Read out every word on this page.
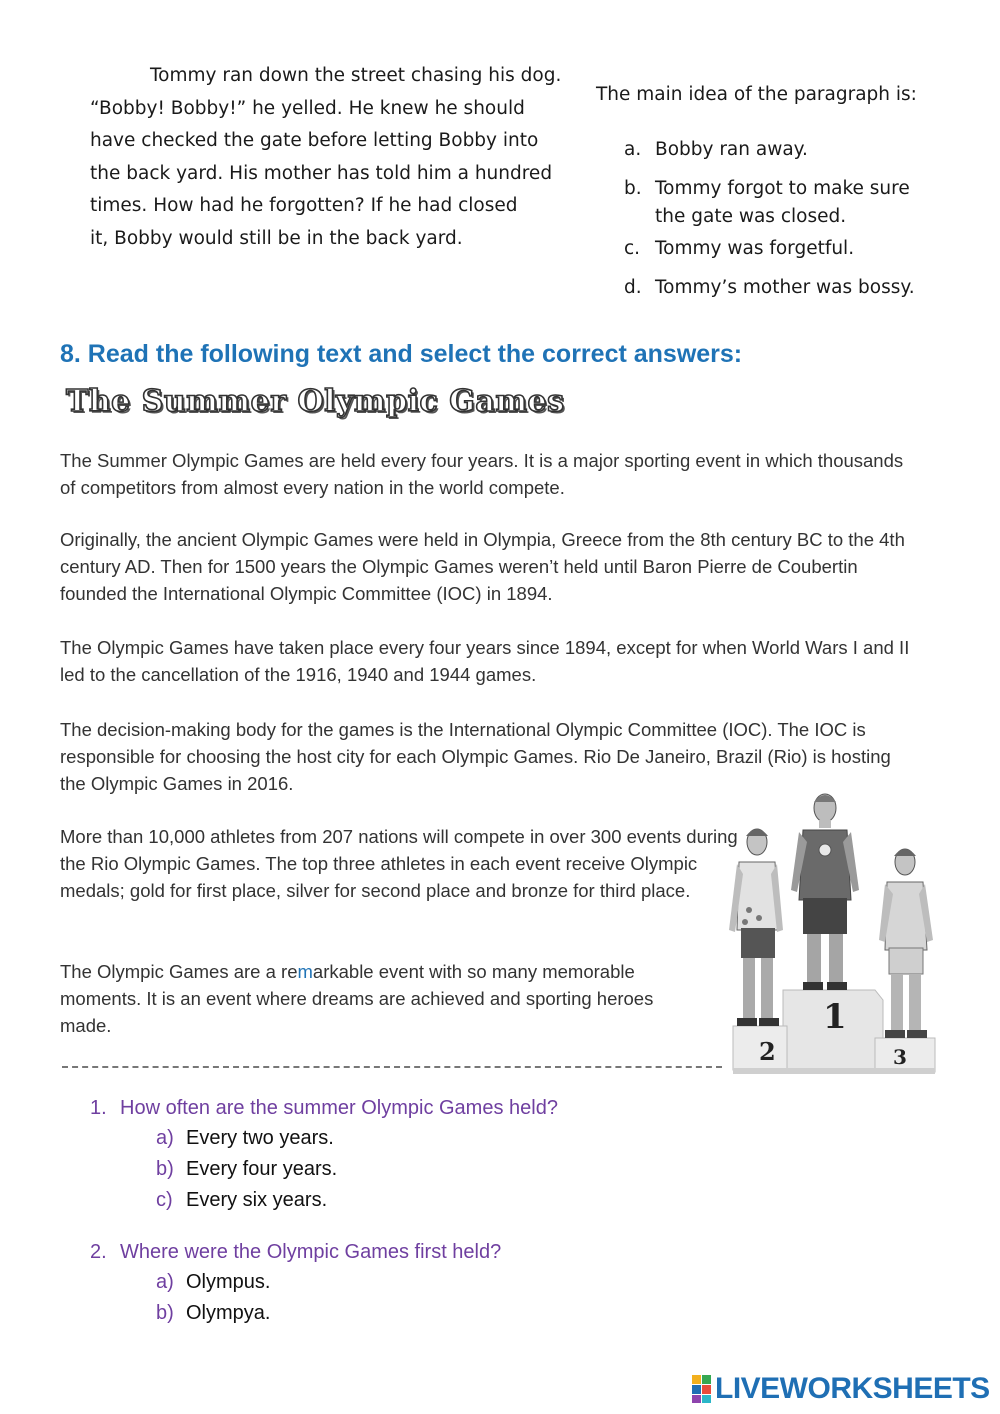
Tommy ran down the street chasing his dog.
“Bobby! Bobby!” he yelled. He knew he should
have checked the gate before letting Bobby into
the back yard. His mother has told him a hundred
times. How had he forgotten? If he had closed
it, Bobby would still be in the back yard.
The main idea of the paragraph is:
a. Bobby ran away.
b. Tommy forgot to make sure the gate was closed.
c. Tommy was forgetful.
d. Tommy’s mother was bossy.
8. Read the following text and select the correct answers:
The Summer Olympic Games
The Summer Olympic Games are held every four years. It is a major sporting event in which thousands of competitors from almost every nation in the world compete.
Originally, the ancient Olympic Games were held in Olympia, Greece from the 8th century BC to the 4th century AD. Then for 1500 years the Olympic Games weren’t held until Baron Pierre de Coubertin founded the International Olympic Committee (IOC) in 1894.
The Olympic Games have taken place every four years since 1894, except for when World Wars I and II led to the cancellation of the 1916, 1940 and 1944 games.
The decision-making body for the games is the International Olympic Committee (IOC). The IOC is responsible for choosing the host city for each Olympic Games. Rio De Janeiro, Brazil (Rio) is hosting the Olympic Games in 2016.
More than 10,000 athletes from 207 nations will compete in over 300 events during the Rio Olympic Games. The top three athletes in each event receive Olympic medals; gold for first place, silver for second place and bronze for third place.
The Olympic Games are a remarkable event with so many memorable moments. It is an event where dreams are achieved and sporting heroes made.	1
2	3
1. How often are the summer Olympic Games held?
a) Every two years.
b) Every four years.
c) Every six years.
2. Where were the Olympic Games first held?
a) Olympus.
b) Olympya.
LIVEWORKSHEETS
